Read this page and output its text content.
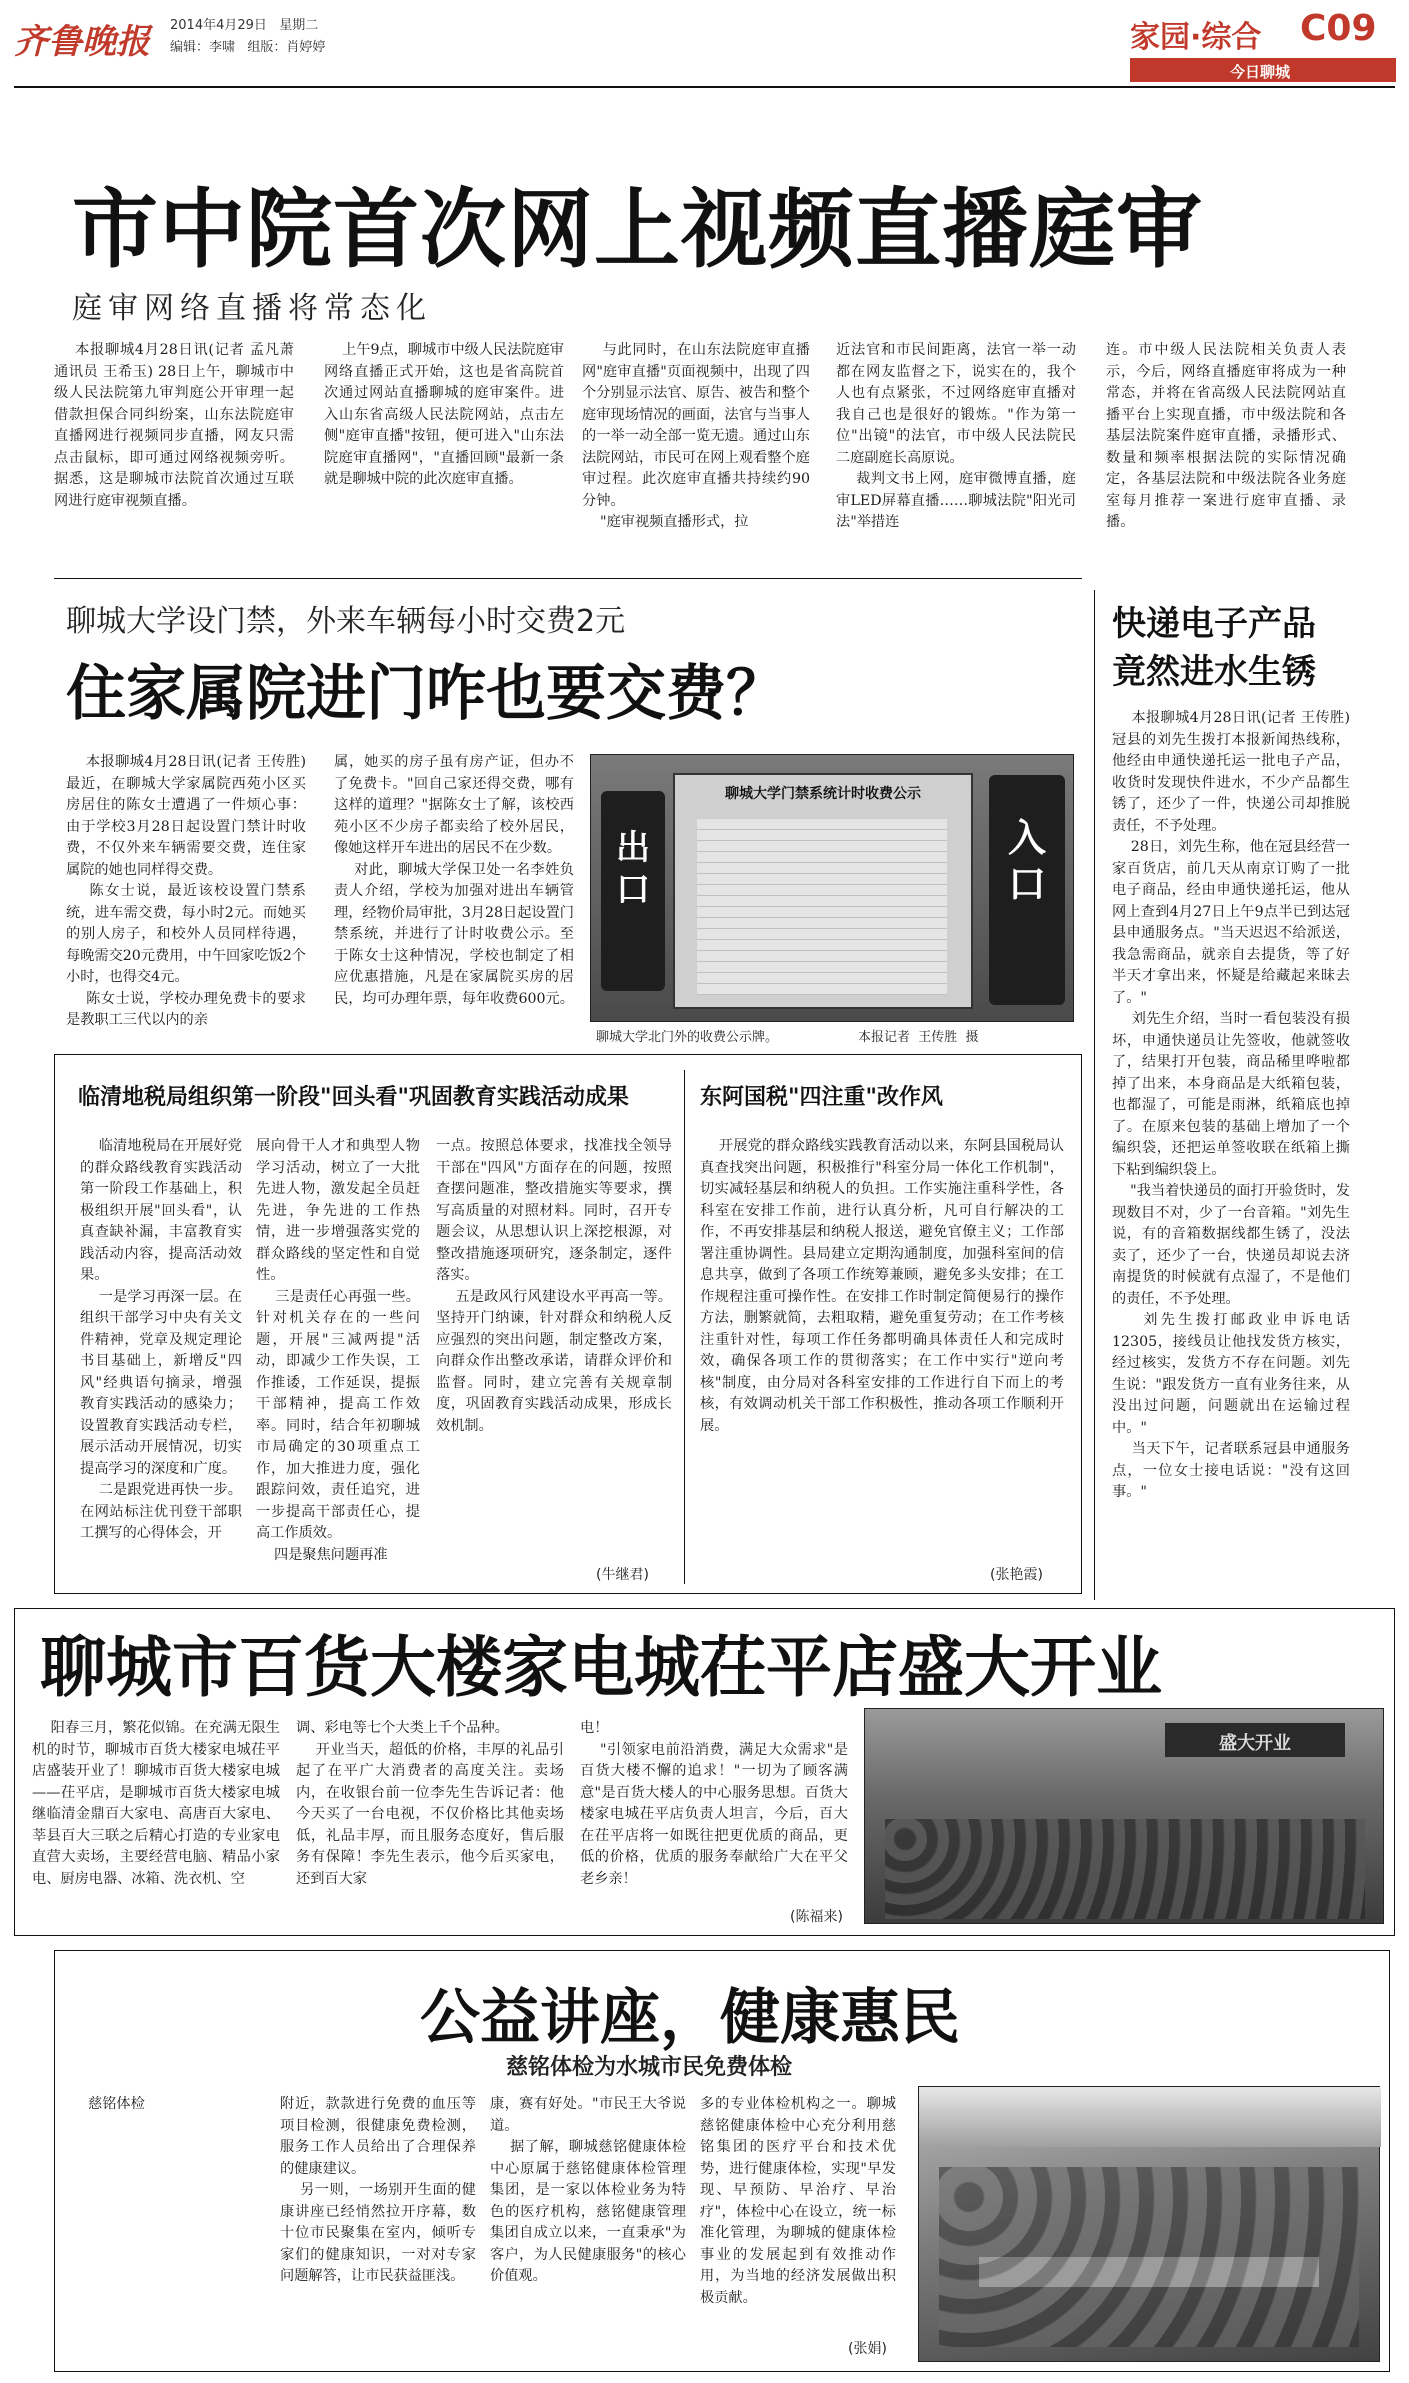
齐鲁晚报 2014年4月29日   星期二
编辑：李啸   组版：肖婷婷	家园·综合 C09
今日聊城
市中院首次网上视频直播庭审
庭审网络直播将常态化
本报聊城4月28日讯(记者 孟凡萧  通讯员 王希玉) 28日上午，聊城市中级人民法院第九审判庭公开审理一起借款担保合同纠纷案，山东法院庭审直播网进行视频同步直播，网友只需点击鼠标，即可通过网络视频旁听。据悉，这是聊城市法院首次通过互联网进行庭审视频直播。
上午9点，聊城市中级人民法院庭审网络直播正式开始，这也是省高院首次通过网站直播聊城的庭审案件。进入山东省高级人民法院网站，点击左侧"庭审直播"按钮，便可进入"山东法院庭审直播网"，"直播回顾"最新一条就是聊城中院的此次庭审直播。
与此同时，在山东法院庭审直播网"庭审直播"页面视频中，出现了四个分别显示法官、原告、被告和整个庭审现场情况的画面，法官与当事人的一举一动全部一览无遗。通过山东法院网站，市民可在网上观看整个庭审过程。此次庭审直播共持续约90分钟。
"庭审视频直播形式，拉
近法官和市民间距离，法官一举一动都在网友监督之下，说实在的，我个人也有点紧张，不过网络庭审直播对我自己也是很好的锻炼。"作为第一位"出镜"的法官，市中级人民法院民二庭副庭长高原说。
裁判文书上网，庭审微博直播，庭审LED屏幕直播……聊城法院"阳光司法"举措连
连。市中级人民法院相关负责人表示，今后，网络直播庭审将成为一种常态，并将在省高级人民法院网站直播平台上实现直播，市中级法院和各基层法院案件庭审直播，录播形式、数量和频率根据法院的实际情况确定，各基层法院和中级法院各业务庭室每月推荐一案进行庭审直播、录播。
聊城大学设门禁，外来车辆每小时交费2元
住家属院进门咋也要交费？
本报聊城4月28日讯(记者 王传胜)  最近，在聊城大学家属院西苑小区买房居住的陈女士遭遇了一件烦心事：由于学校3月28日起设置门禁计时收费，不仅外来车辆需要交费，连住家属院的她也同样得交费。
陈女士说，最近该校设置门禁系统，进车需交费，每小时2元。而她买的别人房子，和校外人员同样待遇，每晚需交20元费用，中午回家吃饭2个小时，也得交4元。
陈女士说，学校办理免费卡的要求是教职工三代以内的亲
属，她买的房子虽有房产证，但办不了免费卡。"回自己家还得交费，哪有这样的道理？"据陈女士了解，该校西苑小区不少房子都卖给了校外居民，像她这样开车进出的居民不在少数。
对此，聊城大学保卫处一名李姓负责人介绍，学校为加强对进出车辆管理，经物价局审批，3月28日起设置门禁系统，并进行了计时收费公示。至于陈女士这种情况，学校也制定了相应优惠措施，凡是在家属院买房的居民，均可办理年票，每年收费600元。
聊城大学门禁系统计时收费公示
出口
入口
聊城大学北门外的收费公示牌。	本报记者  王传胜  摄
快递电子产品
竟然进水生锈
本报聊城4月28日讯(记者 王传胜)  冠县的刘先生拨打本报新闻热线称，他经由申通快递托运一批电子产品，收货时发现快件进水，不少产品都生锈了，还少了一件，快递公司却推脱责任，不予处理。
28日，刘先生称，他在冠县经营一家百货店，前几天从南京订购了一批电子商品，经由申通快递托运，他从网上查到4月27日上午9点半已到达冠县申通服务点。"当天迟迟不给派送，我急需商品，就亲自去提货，等了好半天才拿出来，怀疑是给藏起来昧去了。"
刘先生介绍，当时一看包装没有损坏，申通快递员让先签收，他就签收了，结果打开包装，商品稀里哗啦都掉了出来，本身商品是大纸箱包装，也都湿了，可能是雨淋，纸箱底也掉了。在原来包装的基础上增加了一个编织袋，还把运单签收联在纸箱上撕下粘到编织袋上。
"我当着快递员的面打开验货时，发现数目不对，少了一台音箱。"刘先生说，有的音箱数据线都生锈了，没法卖了，还少了一台，快递员却说去济南提货的时候就有点湿了，不是他们的责任，不予处理。
刘先生拨打邮政业申诉电话12305，接线员让他找发货方核实，经过核实，发货方不存在问题。刘先生说："跟发货方一直有业务往来，从没出过问题，问题就出在运输过程中。"
当天下午，记者联系冠县申通服务点，一位女士接电话说："没有这回事。"
临清地税局组织第一阶段"回头看"巩固教育实践活动成果
临清地税局在开展好党的群众路线教育实践活动第一阶段工作基础上，积极组织开展"回头看"，认真查缺补漏，丰富教育实践活动内容，提高活动效果。
一是学习再深一层。在组织干部学习中央有关文件精神，党章及规定理论书目基础上，新增反"四风"经典语句摘录，增强教育实践活动的感染力；设置教育实践活动专栏，展示活动开展情况，切实提高学习的深度和广度。
二是跟党进再快一步。在网站标注优刊登干部职工撰写的心得体会，开
展向骨干人才和典型人物学习活动，树立了一大批先进人物，激发起全员赶先进，争先进的工作热情，进一步增强落实党的群众路线的坚定性和自觉性。
三是责任心再强一些。针对机关存在的一些问题，开展"三减两提"活动，即减少工作失误，工作推诿，工作延误，提振干部精神，提高工作效率。同时，结合年初聊城市局确定的30项重点工作，加大推进力度，强化跟踪问效，责任追究，进一步提高干部责任心，提高工作质效。
四是聚焦问题再准
一点。按照总体要求，找准找全领导干部在"四风"方面存在的问题，按照查摆问题准，整改措施实等要求，撰写高质量的对照材料。同时，召开专题会议，从思想认识上深挖根源，对整改措施逐项研究，逐条制定，逐件落实。
五是政风行风建设水平再高一等。坚持开门纳谏，针对群众和纳税人反应强烈的突出问题，制定整改方案，向群众作出整改承诺，请群众评价和监督。同时，建立完善有关规章制度，巩固教育实践活动成果，形成长效机制。
(牛继君)
东阿国税"四注重"改作风
开展党的群众路线实践教育活动以来，东阿县国税局认真查找突出问题，积极推行"科室分局一体化工作机制"，切实减轻基层和纳税人的负担。工作实施注重科学性，各科室在安排工作前，进行认真分析，凡可自行解决的工作，不再安排基层和纳税人报送，避免官僚主义；工作部署注重协调性。县局建立定期沟通制度，加强科室间的信息共享，做到了各项工作统筹兼顾，避免多头安排；在工作规程注重可操作性。在安排工作时制定简便易行的操作方法，删繁就简，去粗取精，避免重复劳动；在工作考核注重针对性，每项工作任务都明确具体责任人和完成时效，确保各项工作的贯彻落实；在工作中实行"逆向考核"制度，由分局对各科室安排的工作进行自下而上的考核，有效调动机关干部工作积极性，推动各项工作顺利开展。
(张艳霞)
聊城市百货大楼家电城茌平店盛大开业
阳春三月，繁花似锦。在充满无限生机的时节，聊城市百货大楼家电城茌平店盛装开业了！聊城市百货大楼家电城——茌平店，是聊城市百货大楼家电城继临清金鼎百大家电、高唐百大家电、莘县百大三联之后精心打造的专业家电直营大卖场，主要经营电脑、精品小家电、厨房电器、冰箱、洗衣机、空
调、彩电等七个大类上千个品种。
开业当天，超低的价格，丰厚的礼品引起了在平广大消费者的高度关注。卖场内，在收银台前一位李先生告诉记者：他今天买了一台电视，不仅价格比其他卖场低，礼品丰厚，而且服务态度好，售后服务有保障！李先生表示，他今后买家电，还到百大家
电！
"引领家电前沿消费，满足大众需求"是百货大楼不懈的追求！"一切为了顾客满意"是百货大楼人的中心服务思想。百货大楼家电城茌平店负责人坦言，今后，百大在茌平店将一如既往把更优质的商品，更低的价格，优质的服务奉献给广大在平父老乡亲！
(陈福来)
盛大开业
公益讲座，健康惠民
慈铭体检为水城市民免费体检
慈铭体检	附近，款款进行免费的血压等项目检测，很健康免费检测，服务工作人员给出了合理保养的健康建议。
另一则，一场别开生面的健康讲座已经悄然拉开序幕，数十位市民聚集在室内，倾听专家们的健康知识，一对对专家问题解答，让市民获益匪浅。
康，赛有好处。"市民王大爷说道。
据了解，聊城慈铭健康体检中心原属于慈铭健康体检管理集团，是一家以体检业务为特色的医疗机构，慈铭健康管理集团自成立以来，一直秉承"为客户，为人民健康服务"的核心价值观。
多的专业体检机构之一。聊城慈铭健康体检中心充分利用慈铭集团的医疗平台和技术优势，进行健康体检，实现"早发现、早预防、早治疗、早治疗"，体检中心在设立，统一标准化管理，为聊城的健康体检事业的发展起到有效推动作用，为当地的经济发展做出积极贡献。
(张娟)
